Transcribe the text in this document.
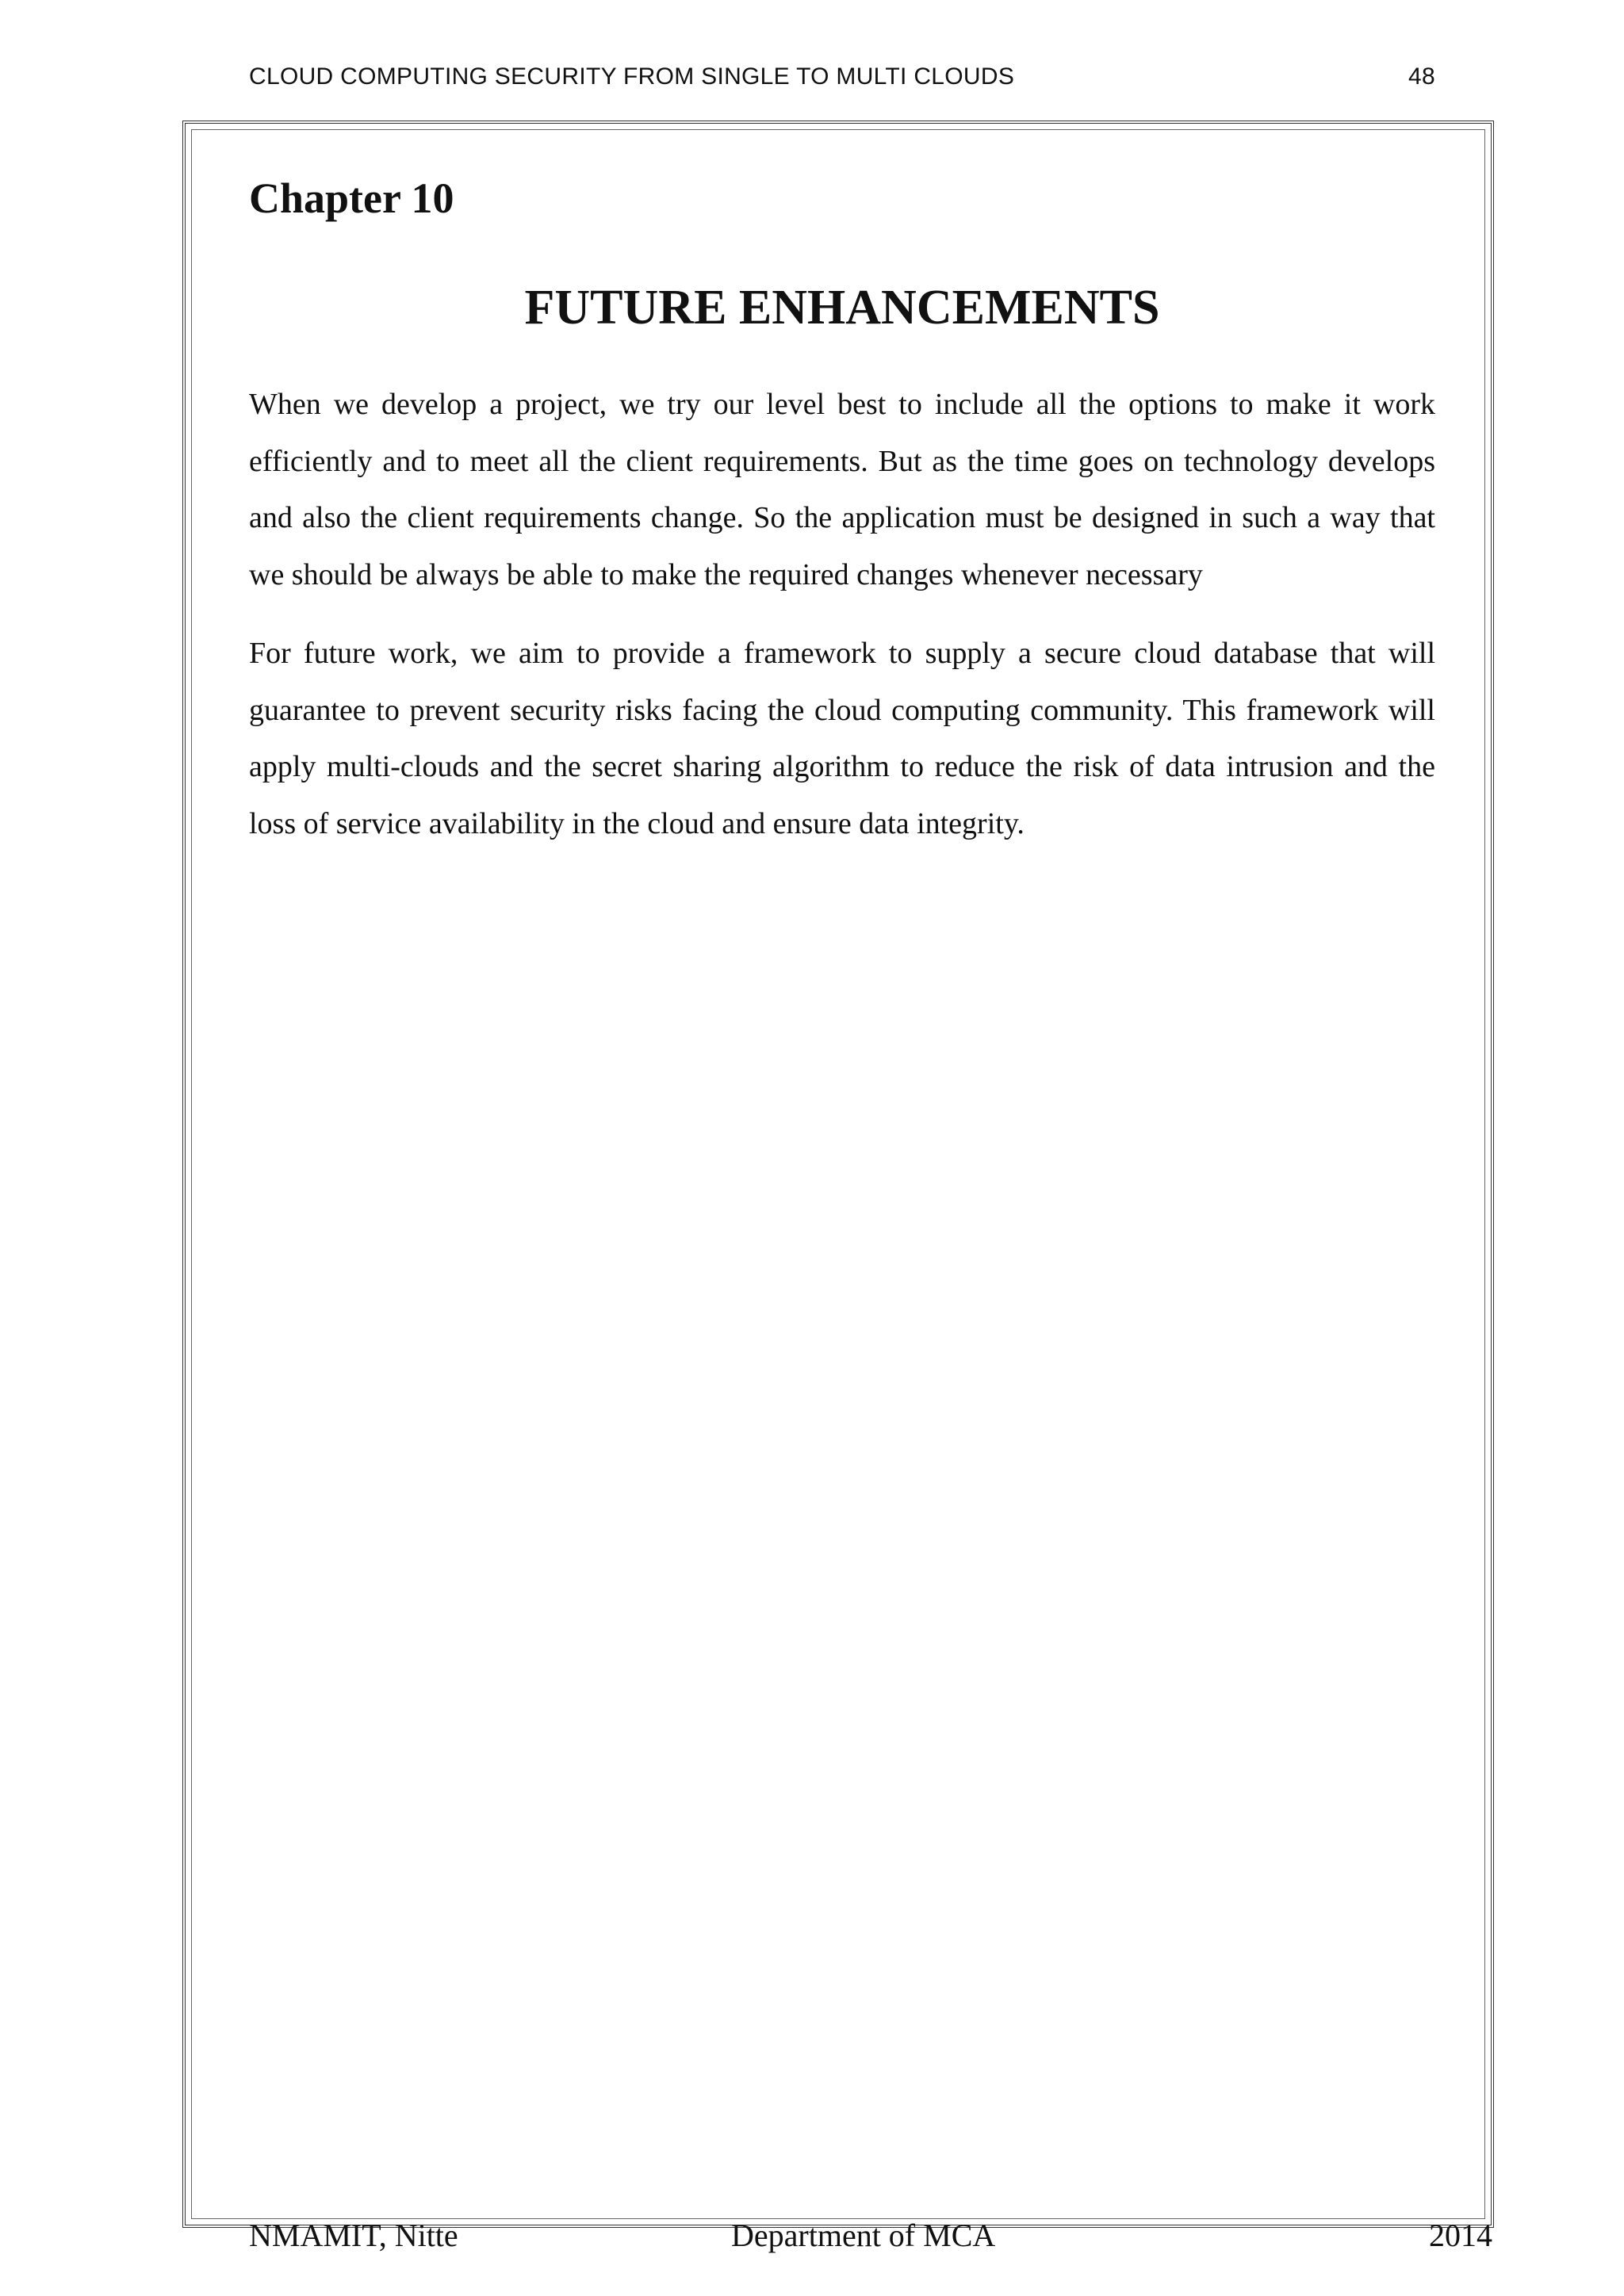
CLOUD COMPUTING SECURITY FROM SINGLE TO MULTI CLOUDS	48
Chapter 10
FUTURE ENHANCEMENTS

When we develop a project, we try our level best to include all the options to make it work efficiently and to meet all the client requirements. But as the time goes on technology develops and also the client requirements change. So the application must be designed in such a way that we should be always be able to make the required changes whenever necessary

For future work, we aim to provide a framework to supply a secure cloud database that will guarantee to prevent security risks facing the cloud computing community. This framework will apply multi-clouds and the secret sharing algorithm to reduce the risk of data intrusion and the loss of service availability in the cloud and ensure data integrity.

NMAMIT, Nitte	Department of MCA	2014
